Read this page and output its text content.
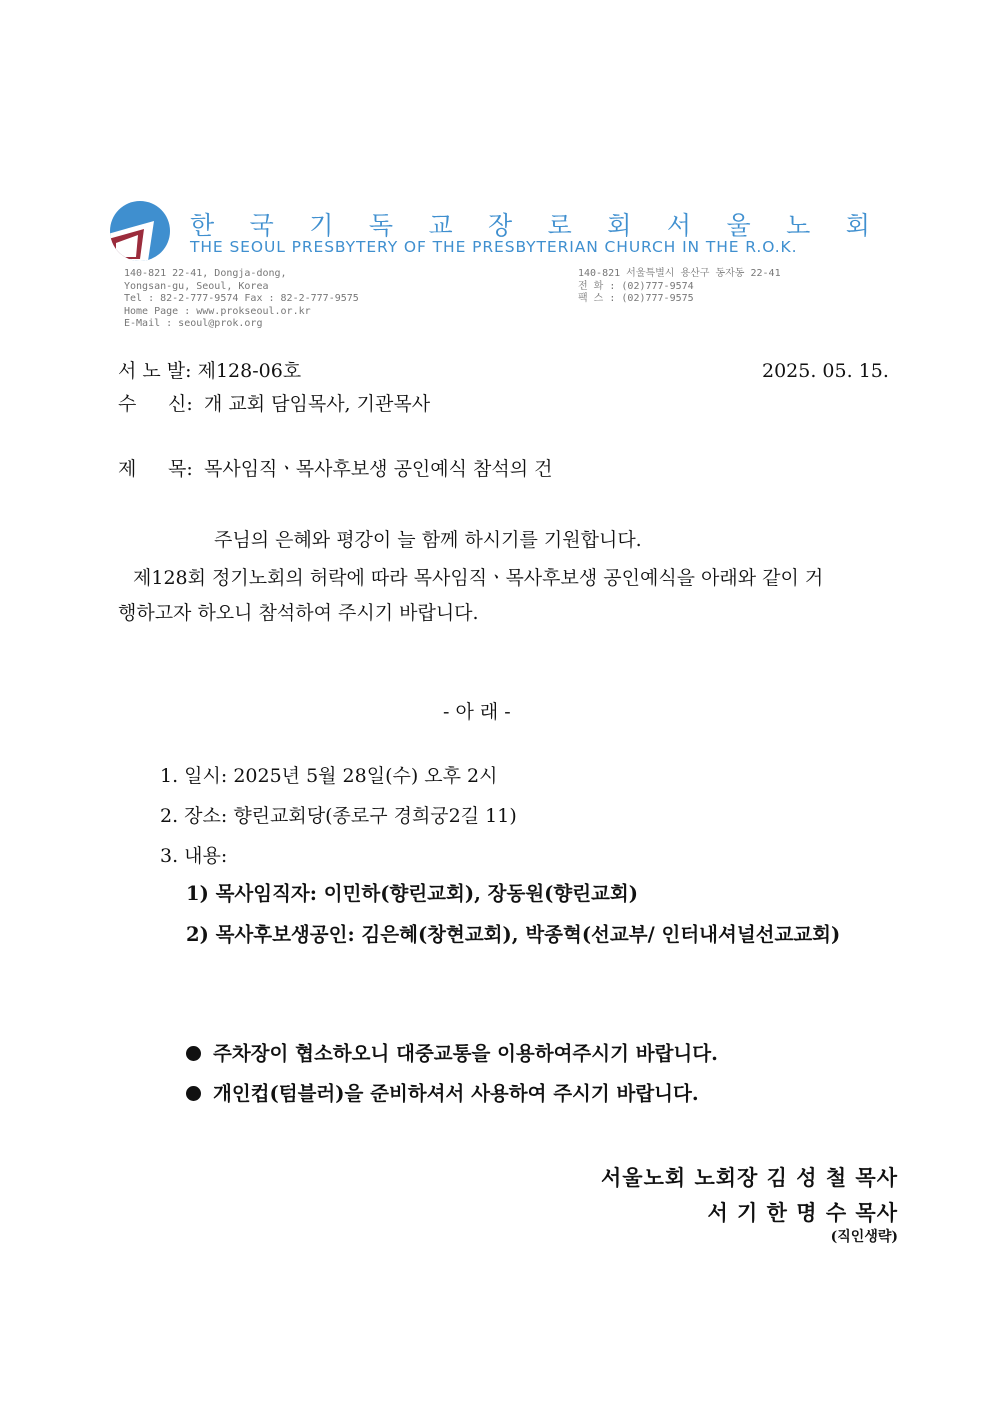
한 국 기 독 교 장 로 회 서 울 노 회
THE SEOUL PRESBYTERY OF THE PRESBYTERIAN CHURCH IN THE R.O.K.
140-821 22-41, Dongja-dong,
Yongsan-gu, Seoul, Korea
Tel : 82-2-777-9574 Fax : 82-2-777-9575
Home Page : www.prokseoul.or.kr
E-Mail : seoul@prok.org
140-821 서울특별시 용산구 동자동 22-41
전 화 : (02)777-9574
팩 스 : (02)777-9575
서 노 발: 제128-06호	2025. 05. 15.
수 신: 개 교회 담임목사, 기관목사
제 목: 목사임직ㆍ목사후보생 공인예식 참석의 건
주님의 은혜와 평강이 늘 함께 하시기를 기원합니다.
제128회 정기노회의 허락에 따라 목사임직ㆍ목사후보생 공인예식을 아래와 같이 거
행하고자 하오니 참석하여 주시기 바랍니다.
- 아 래 -
1. 일시: 2025년 5월 28일(수) 오후 2시
2. 장소: 향린교회당(종로구 경희궁2길 11)
3. 내용:
1) 목사임직자: 이민하(향린교회), 장동원(향린교회)
2) 목사후보생공인: 김은혜(창현교회), 박종혁(선교부/ 인터내셔널선교교회)
주차장이 협소하오니 대중교통을 이용하여주시기 바랍니다.
개인컵(텀블러)을 준비하셔서 사용하여 주시기 바랍니다.
서울노회 노회장 김 성 철 목사
서 기 한 명 수 목사
(직인생략)
